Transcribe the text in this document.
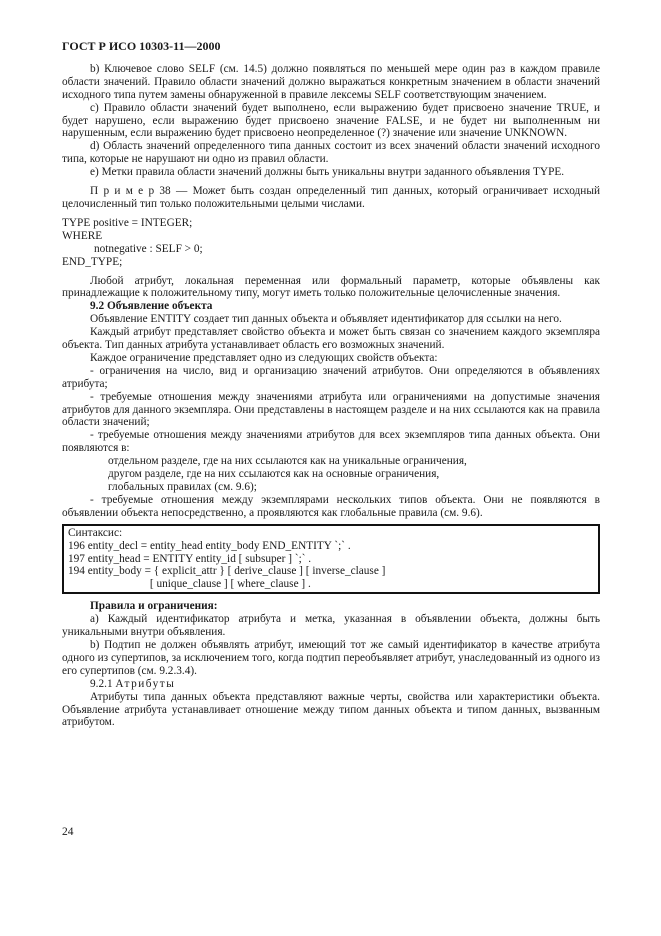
ГОСТ Р ИСО 10303-11—2000

b) Ключевое слово SELF (см. 14.5) должно появляться по меньшей мере один раз в каждом правиле области значений. Правило области значений должно выражаться конкретным значением в области значений исходного типа путем замены обнаруженной в правиле лексемы SELF соответствующим значением.

c) Правило области значений будет выполнено, если выражению будет присвоено значение TRUE, и будет нарушено, если выражению будет присвоено значение FALSE, и не будет ни выполненным ни нарушенным, если выражению будет присвоено неопределенное (?) значение или значение UNKNOWN.

d) Область значений определенного типа данных состоит из всех значений области значений исходного типа, которые не нарушают ни одно из правил области.

e) Метки правила области значений должны быть уникальны внутри заданного объявления TYPE.

П р и м е р 38 — Может быть создан определенный тип данных, который ограничивает исходный целочисленный тип только положительными целыми числами.

TYPE positive = INTEGER;

WHERE

notnegative : SELF > 0;

END_TYPE;

Любой атрибут, локальная переменная или формальный параметр, которые объявлены как принадлежащие к положительному типу, могут иметь только положительные целочисленные значения.

9.2 Объявление объекта

Объявление ENTITY создает тип данных объекта и объявляет идентификатор для ссылки на него.

Каждый атрибут представляет свойство объекта и может быть связан со значением каждого экземпляра объекта. Тип данных атрибута устанавливает область его возможных значений.

Каждое ограничение представляет одно из следующих свойств объекта:

- ограничения на число, вид и организацию значений атрибутов. Они определяются в объявлениях атрибута;

- требуемые отношения между значениями атрибута или ограничениями на допустимые значения атрибутов для данного экземпляра. Они представлены в настоящем разделе и на них ссылаются как на правила области значений;

- требуемые отношения между значениями атрибутов для всех экземпляров типа данных объекта. Они появляются в:

отдельном разделе, где на них ссылаются как на уникальные ограничения,

другом разделе, где на них ссылаются как на основные ограничения,

глобальных правилах (см. 9.6);

- требуемые отношения между экземплярами нескольких типов объекта. Они не появляются в объявлении объекта непосредственно, а проявляются как глобальные правила (см. 9.6).

Синтаксис:

196 entity_decl = entity_head entity_body END_ENTITY `;` .

197 entity_head = ENTITY entity_id [ subsuper ] `;` .

194 entity_body = { explicit_attr } [ derive_clause ] [ inverse_clause ]

[ unique_clause ] [ where_clause ] .

Правила и ограничения:

a) Каждый идентификатор атрибута и метка, указанная в объявлении объекта, должны быть уникальными внутри объявления.

b) Подтип не должен объявлять атрибут, имеющий тот же самый идентификатор в качестве атрибута одного из супертипов, за исключением того, когда подтип переобъявляет атрибут, унаследованный из одного из его супертипов (см. 9.2.3.4).

9.2.1 Атрибуты

Атрибуты типа данных объекта представляют важные черты, свойства или характеристики объекта. Объявление атрибута устанавливает отношение между типом данных объекта и типом данных, вызванным атрибутом.

24
